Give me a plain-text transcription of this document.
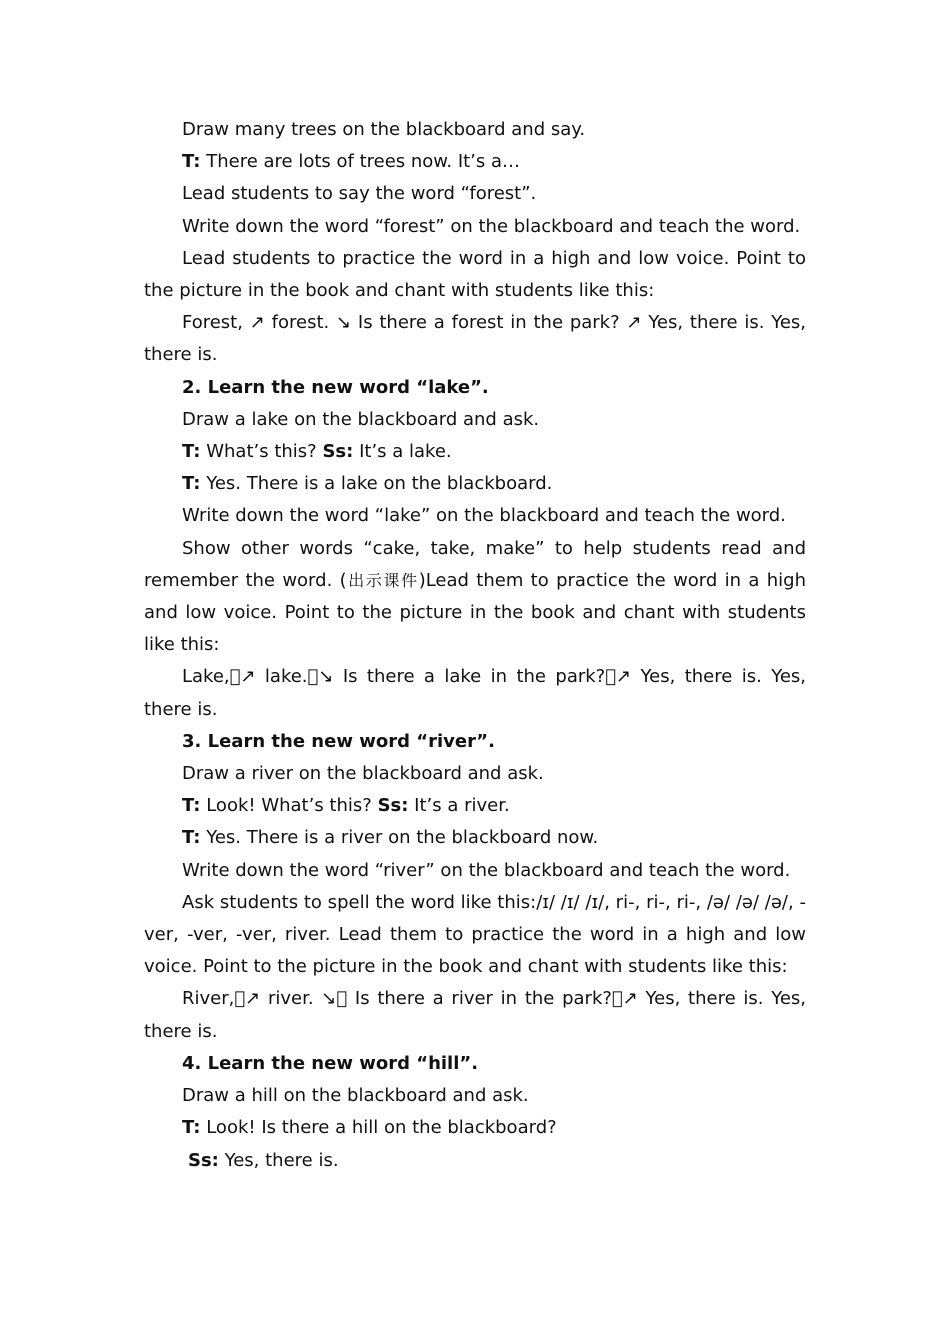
Draw many trees on the blackboard and say.

T: There are lots of trees now. It’s a…

Lead students to say the word “forest”.

Write down the word “forest” on the blackboard and teach the word.

Lead students to practice the word in a high and low voice. Point to the picture in the book and chant with students like this:

Forest, ↗ forest. ↘ Is there a forest in the park? ↗ Yes, there is. Yes, there is.

2. Learn the new word “lake”.

Draw a lake on the blackboard and ask.

T: What’s this? Ss: It’s a lake.

T: Yes. There is a lake on the blackboard.

Write down the word “lake” on the blackboard and teach the word.

Show other words “cake, take, make” to help students read and remember the word. (出示课件)Lead them to practice the word in a high and low voice. Point to the picture in the book and chant with students like this:

Lake, ↗ lake. ↘ Is there a lake in the park? ↗ Yes, there is. Yes, there is.

3. Learn the new word “river”.

Draw a river on the blackboard and ask.

T: Look! What’s this? Ss: It’s a river.

T: Yes. There is a river on the blackboard now.

Write down the word “river” on the blackboard and teach the word.

Ask students to spell the word like this:/ɪ/ /ɪ/ /ɪ/, ri-, ri-, ri-, /ə/ /ə/ /ə/, -ver, -ver, -ver, river. Lead them to practice the word in a high and low voice. Point to the picture in the book and chant with students like this:

River, ↗ river. ↘  Is there a river in the park? ↗ Yes, there is. Yes, there is.

4. Learn the new word “hill”.

Draw a hill on the blackboard and ask.

T: Look! Is there a hill on the blackboard?

Ss: Yes, there is.
